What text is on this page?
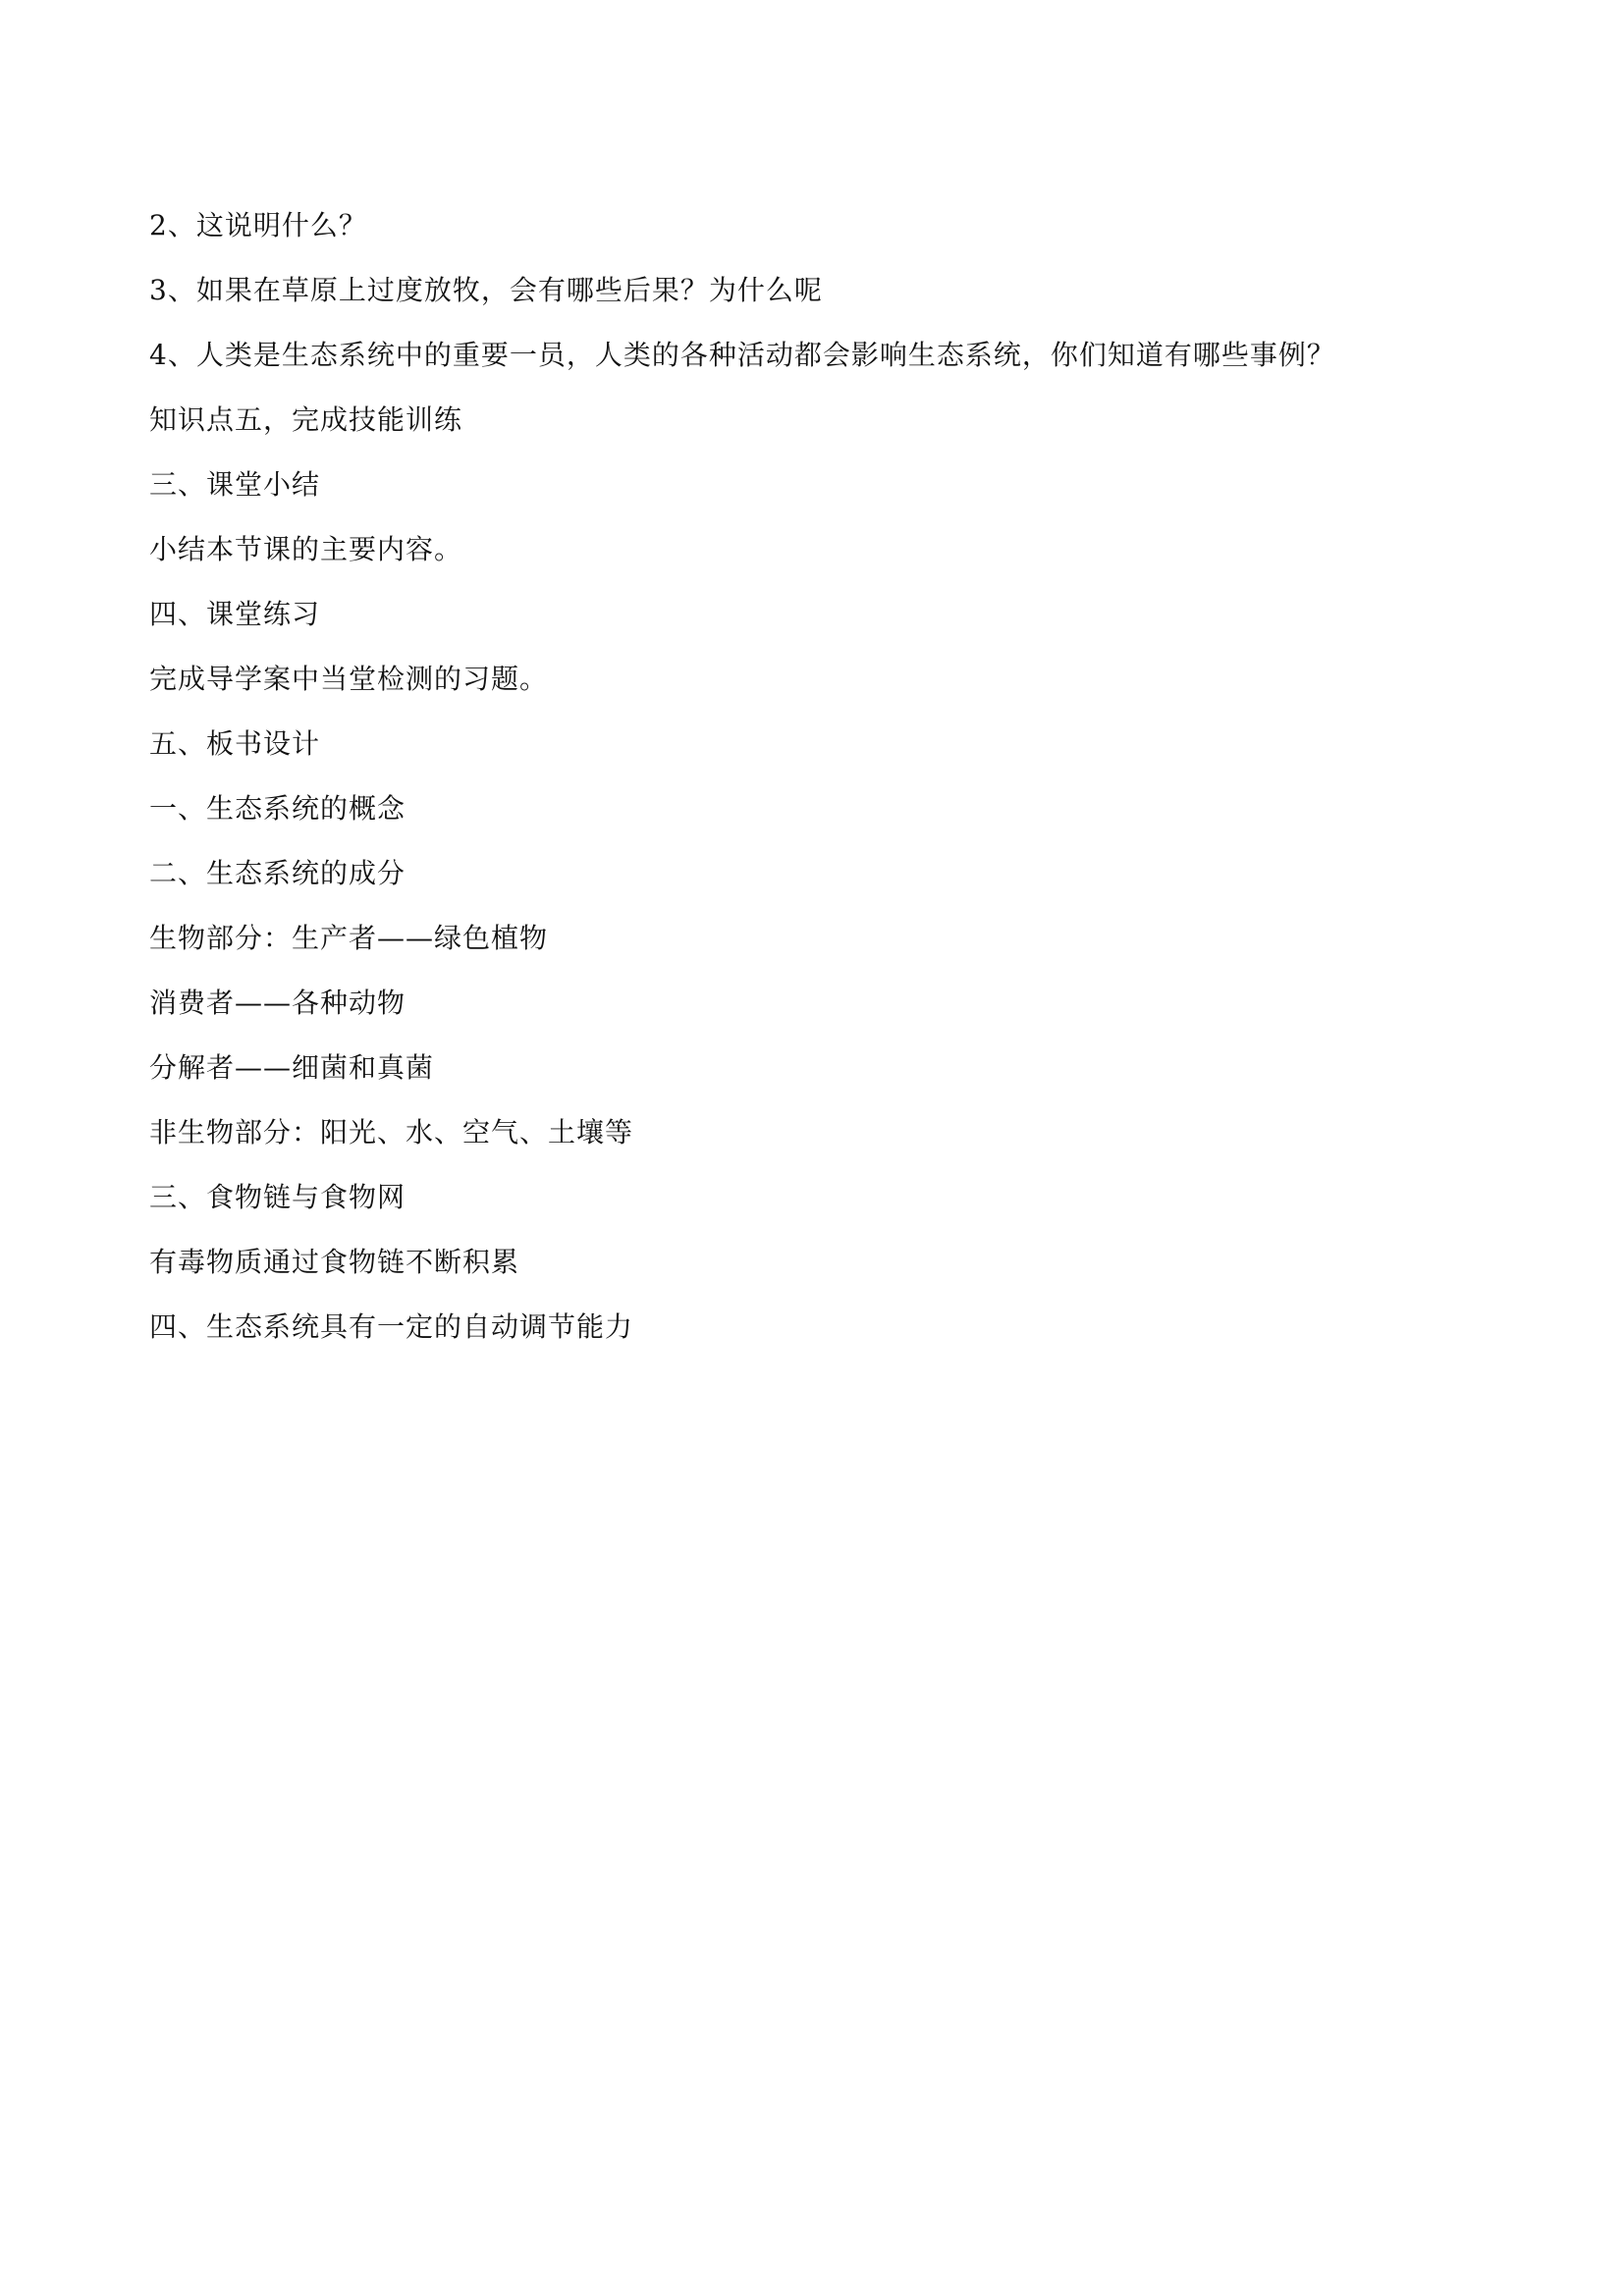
2、这说明什么？
3、如果在草原上过度放牧，会有哪些后果？为什么呢
4、人类是生态系统中的重要一员，人类的各种活动都会影响生态系统，你们知道有哪些事例？
知识点五，完成技能训练
三、课堂小结
小结本节课的主要内容。
四、课堂练习
完成导学案中当堂检测的习题。
五、板书设计
一、生态系统的概念
二、生态系统的成分
生物部分：生产者——绿色植物
消费者——各种动物
分解者——细菌和真菌
非生物部分：阳光、水、空气、土壤等
三、食物链与食物网
有毒物质通过食物链不断积累
四、生态系统具有一定的自动调节能力
